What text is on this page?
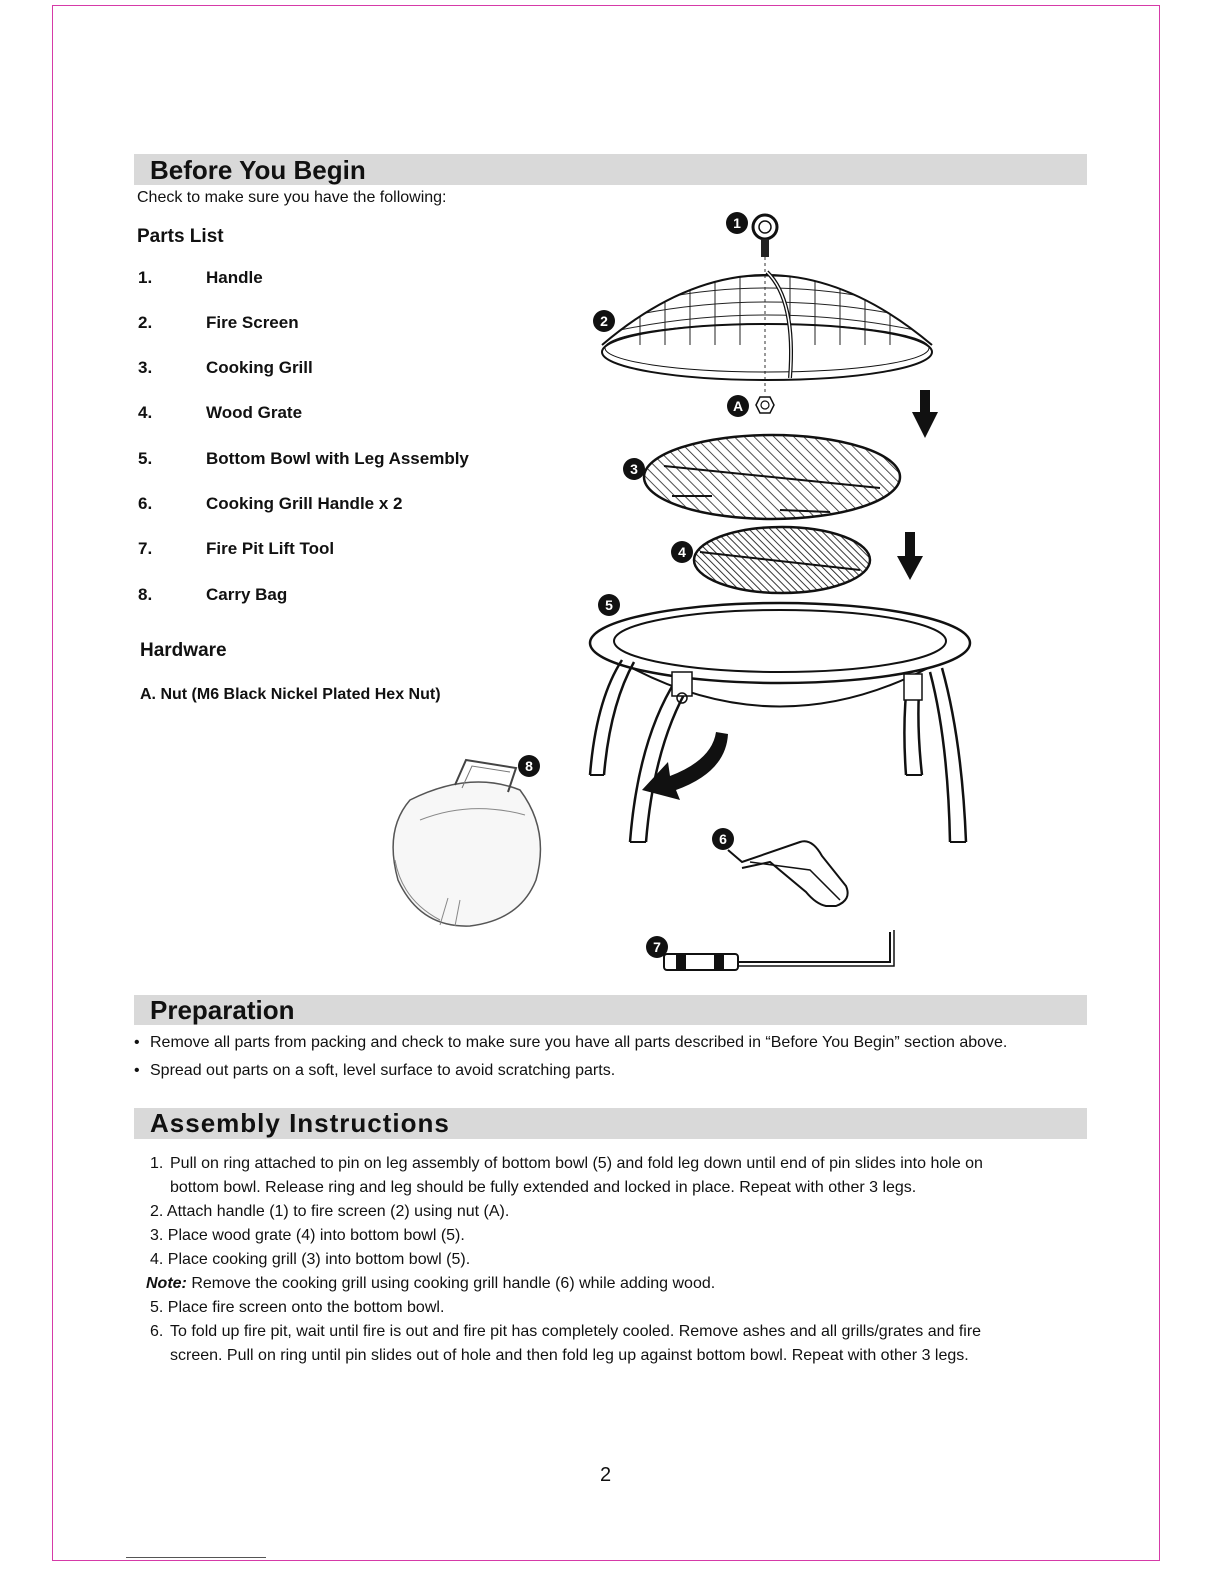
Before You Begin
Check to make sure you have the following:
Parts List
1.	Handle
2.	Fire Screen
3.	Cooking Grill
4.	Wood Grate
5.	Bottom Bowl with Leg Assembly
6.	Cooking Grill Handle x 2
7.	Fire Pit Lift Tool
8.	Carry Bag
Hardware
A. Nut (M6 Black Nickel Plated Hex Nut)
1
2
A
3
4
5
6
7
8
Preparation
• Remove all parts from packing and check to make sure you have all parts described in “Before You Begin” section above.
• Spread out parts on a soft, level surface to avoid scratching parts.
Assembly Instructions
1. Pull on ring attached to pin on leg assembly of bottom bowl (5) and fold leg down until end of pin slides into hole on
bottom bowl. Release ring and leg should be fully extended and locked in place. Repeat with other 3 legs.
2. Attach handle (1) to fire screen (2) using nut (A).
3. Place wood grate (4) into bottom bowl (5).
4. Place cooking grill (3) into bottom bowl (5).
Note: Remove the cooking grill using cooking grill handle (6) while adding wood.
5. Place fire screen onto the bottom bowl.
6. To fold up fire pit, wait until fire is out and fire pit has completely cooled. Remove ashes and all grills/grates and fire
screen. Pull on ring until pin slides out of hole and then fold leg up against bottom bowl. Repeat with other 3 legs.
2
